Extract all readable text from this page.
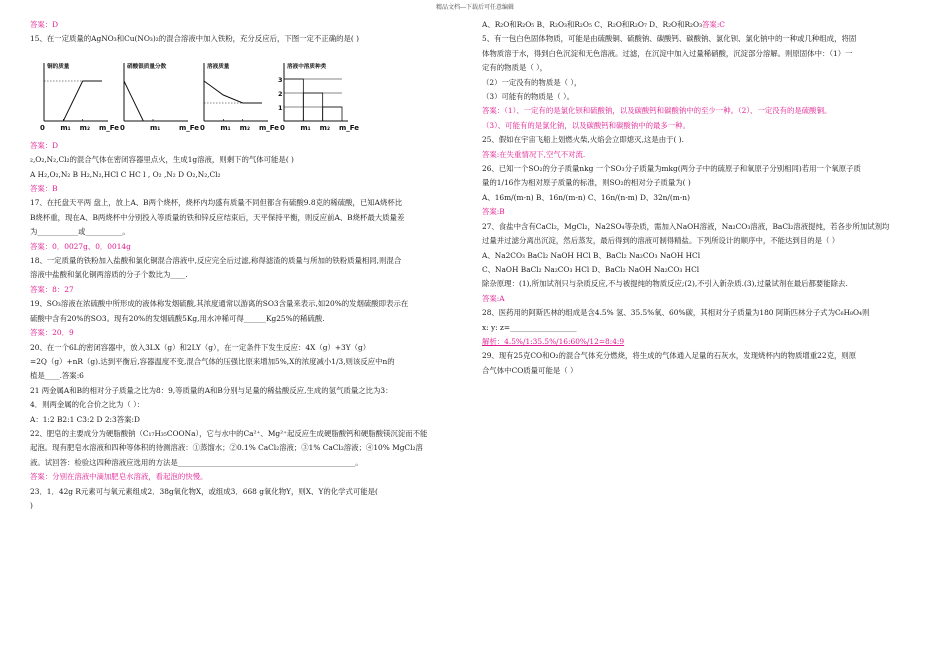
精品文档---下载后可任意编辑
答案：D
15、在一定质量的AgNO₃和Cu(NO₃)₂的混合溶液中加入铁粉，充分反应后，下图一定不正确的是( )
铜的质量
0 m₁ m₂ m_Fe
硝酸银质量分数
0	m₁	m_Fe
溶液质量
0 m₁ m₂ m_Fe
溶液中溶质种类
0 m₁ m₂ m_Fe
1
2
3
答案：D
₂,O₂,N₂,Cl₂的混合气体在密闭容器里点火，生成1g溶液，则剩下的气体可能是( )
A H₂,O₂,N₂ B H₂,N₂,HCl C HC l , O₂ ,N₂ D O₂,N₂,Cl₂
答案：B
17、在托盘天平两 盘上，放上A、B两个烧杯，烧杯内均盛有质量不同但都含有硫酸9.8克的稀硫酸，已知A烧杯比
B烧杯重，现在A、B两烧杯中分别投入等质量的铁和锌反应结束后，天平保持平衡，则反应前A、B烧杯最大质量差
为___________或__________。
答案：0．0027g、0．0014g
18、一定质量的铁粉加入盐酸和氯化铜混合溶液中,反应完全后过滤,称得滤渣的质量与所加的铁粉质量相同,则混合
溶液中盐酸和氯化铜两溶质的分子个数比为____.
答案：8：27
19、SO₃溶液在浓硫酸中所形成的液体称发烟硫酸,其浓度通常以游离的SO3含量来表示,如20%的发烟硫酸即表示在
硫酸中含有20%的SO3。现有20%的发烟硫酸5Kg,用水冲稀可得______Kg25%的稀硫酸.
答案：20．9
20、在一个6L的密闭容器中，放入3LX（g）和2LY（g），在一定条件下发生反应：4X（g）+3Y（g）
=2Q（g）+nR（g).达到平衡后,容器温度不变,混合气体的压强比原来增加5%,X的浓度减小1/3,则该反应中n的
植是____.答案:6
21 两金属A和B的相对分子质量之比为8：9,等质量的A和B分别与足量的稀盐酸反应,生成的氢气质量之比为3：
4．则两金属的化合价之比为（ ）：
A：1:2 B2:1 C3:2 D 2:3答案:D
22、肥皂的主要成分为硬脂酸钠（C₁₇H₃₅COONa），它与水中的Ca²⁺、Mg²⁺起反应生成硬脂酸钙和硬脂酸镁沉淀而不能
起泡。现有肥皂水溶液和四种等体积的待测溶液：①蒸馏水；②0.1% CaCl₂溶液；③1% CaCl₂溶液；④10% MgCl₂溶
液。试回答：检验这四种溶液应选用的方法是________________________________________________。
答案：分别在溶液中滴加肥皂水溶液，看起泡的快慢。
23．1．42g R元素可与氧元素组成2．38g氧化物X，或组成3．668 g氧化物Y，则X、Y的化学式可能是(
)
A、R₂O和R₂O₅ B、R₂O₃和R₂O₅ C、R₂O和R₂O₇ D、R₂O和R₂O₃答案:C
5、有一包白色固体物质，可能是由硫酸铜、硫酸钠、碳酸钙、碳酸钠、氯化钡、氯化钠中的一种或几种组成，将固
体物质溶于水，得到白色沉淀和无色溶液。过滤，在沉淀中加入过量稀硝酸，沉淀部分溶解。则原固体中：（1）一
定有的物质是（ ），
（2）一定没有的物质是（ ），
（3）可能有的物质是（ ）。
答案：（1）、一定有的是氯化钡和硫酸钠，以及碳酸钙和碳酸钠中的至少一种。（2）、一定没有的是硫酸铜。
（3）、可能有的是氯化钠，以及碳酸钙和碳酸钠中的最多一种。
25、假如在宇宙飞船上划燃火柴,火焰会立即熄灭,这是由于( ).
答案:在失重情况下,空气不对流.
26、已知一个SO₂的分子质量nkg 一个SO₃分子质量为mkg(两分子中的硫原子和氧原子分别相同)若用一个氧原子质
量的1/16作为相对原子质量的标准，则SO₂的相对分子质量为( )
A、16m/(m-n) B、16n/(m-n) C、16n/(n-m) D、32n/(m-n)
答案:B
27、食盐中含有CaCl₂，MgCl₂，Na2SO₄等杂质，需加入NaOH溶液，Na₂CO₃溶液，BaCl₂溶液提纯，若各步所加试剂均
过量并过滤分离出沉淀，然后蒸发，最后得到的溶液可制得精盐。下列所设计的顺序中，不能达到目的是（ ）
A、Na2CO₃ BaCl₂ NaOH HCl B、BaCl₂ Na₂CO₃ NaOH HCl
C、NaOH BaCl₂ Na₂CO₃ HCl D、BaCl₂ NaOH Na₂CO₃ HCl
除杂原理：(1),所加试剂只与杂质反应,不与被提纯的物质反应;(2),不引入新杂质.(3),过量试剂在最后都要能除去.
答案:A
28、医药用的阿斯匹林的组成是含4.5% 氢、35.5%氧、60%碳，其相对分子质量为180 阿斯匹林分子式为C₆H₈O₄则
x: y: z=__________________
解析：4.5%/1:35.5%/16:60%/12=8:4:9
29、现有25克CO和O₂的混合气体充分燃烧，将生成的气体通入足量的石灰水，发现烧杯内的物质增重22克，则原
合气体中CO质量可能是（ ）
